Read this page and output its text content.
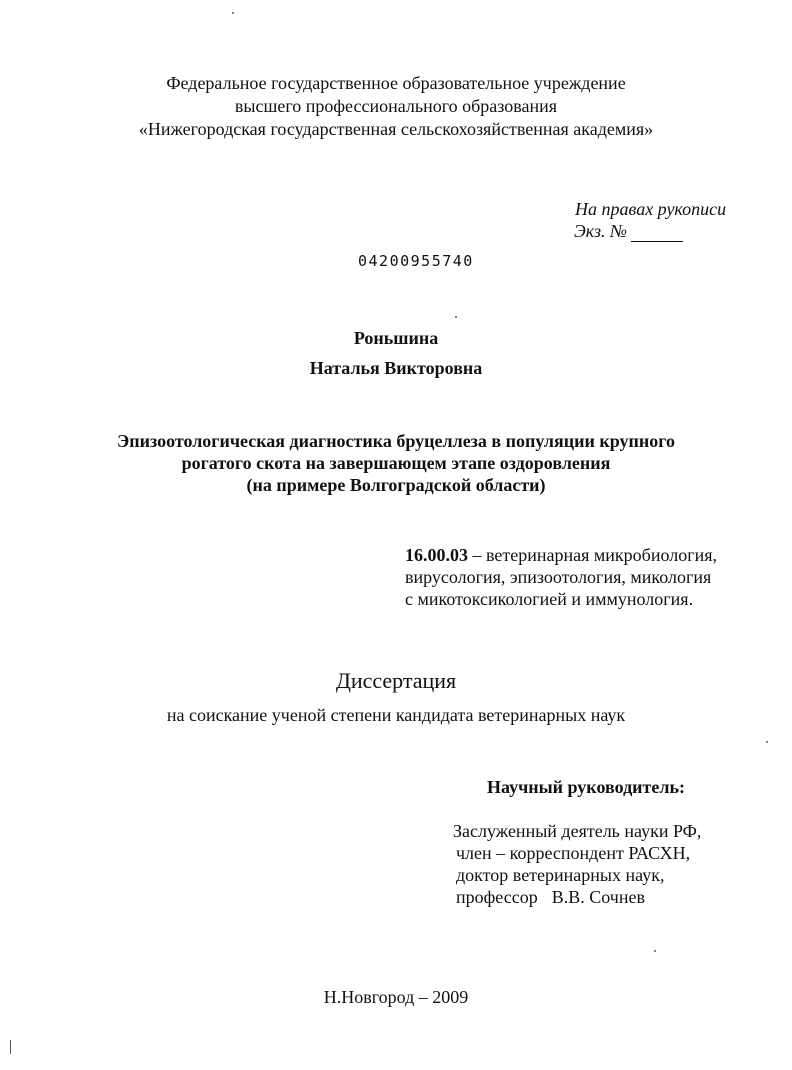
Федеральное государственное образовательное учреждение
высшего профессионального образования
«Нижегородская государственная сельскохозяйственная академия»
На правах рукописи
Экз. №
04200955740
Роньшина
Наталья Викторовна
Эпизоотологическая диагностика бруцеллеза в популяции крупного
рогатого скота на завершающем этапе оздоровления
(на примере Волгоградской области)
16.00.03 – ветеринарная микробиология,
вирусология, эпизоотология, микология
с микотоксикологией и иммунология.
Диссертация
на соискание ученой степени кандидата ветеринарных наук
Научный руководитель:
Заслуженный деятель науки РФ,
член – корреспондент РАСХН,
доктор ветеринарных наук,
профессор В.В. Сочнев
Н.Новгород – 2009
